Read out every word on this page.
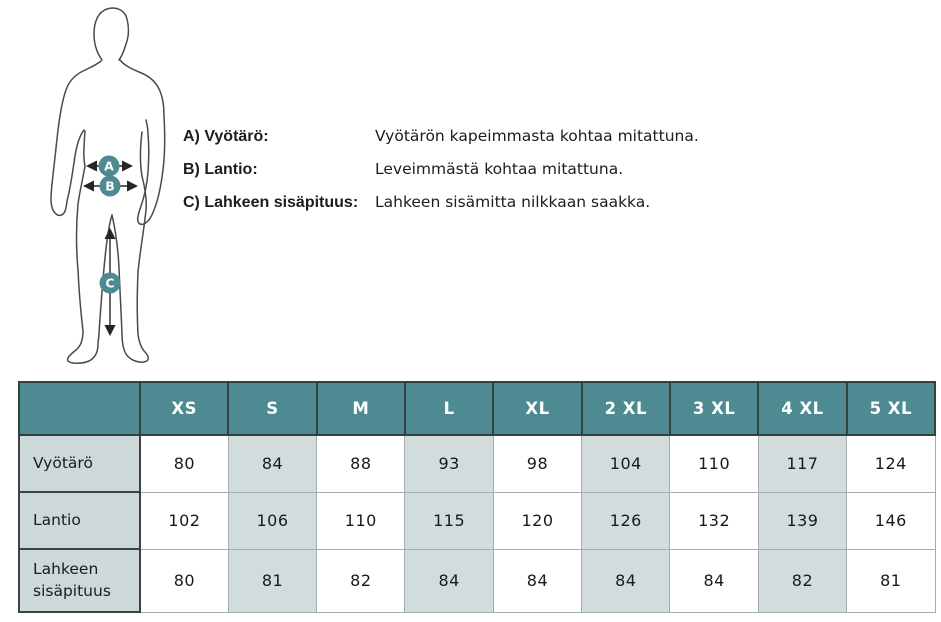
A
B
C
A) Vyötärö:	Vyötärön kapeimmasta kohtaa mitattuna.
B) Lantio:	Leveimmästä kohtaa mitattuna.
C) Lahkeen sisäpituus:	Lahkeen sisämitta nilkkaan saakka.
	XS	S	M	L	XL	2 XL	3 XL	4 XL	5 XL
Vyötärö	80	84	88	93	98	104	110	117	124
Lantio	102	106	110	115	120	126	132	139	146
Lahkeen sisäpituus	80	81	82	84	84	84	84	82	81
